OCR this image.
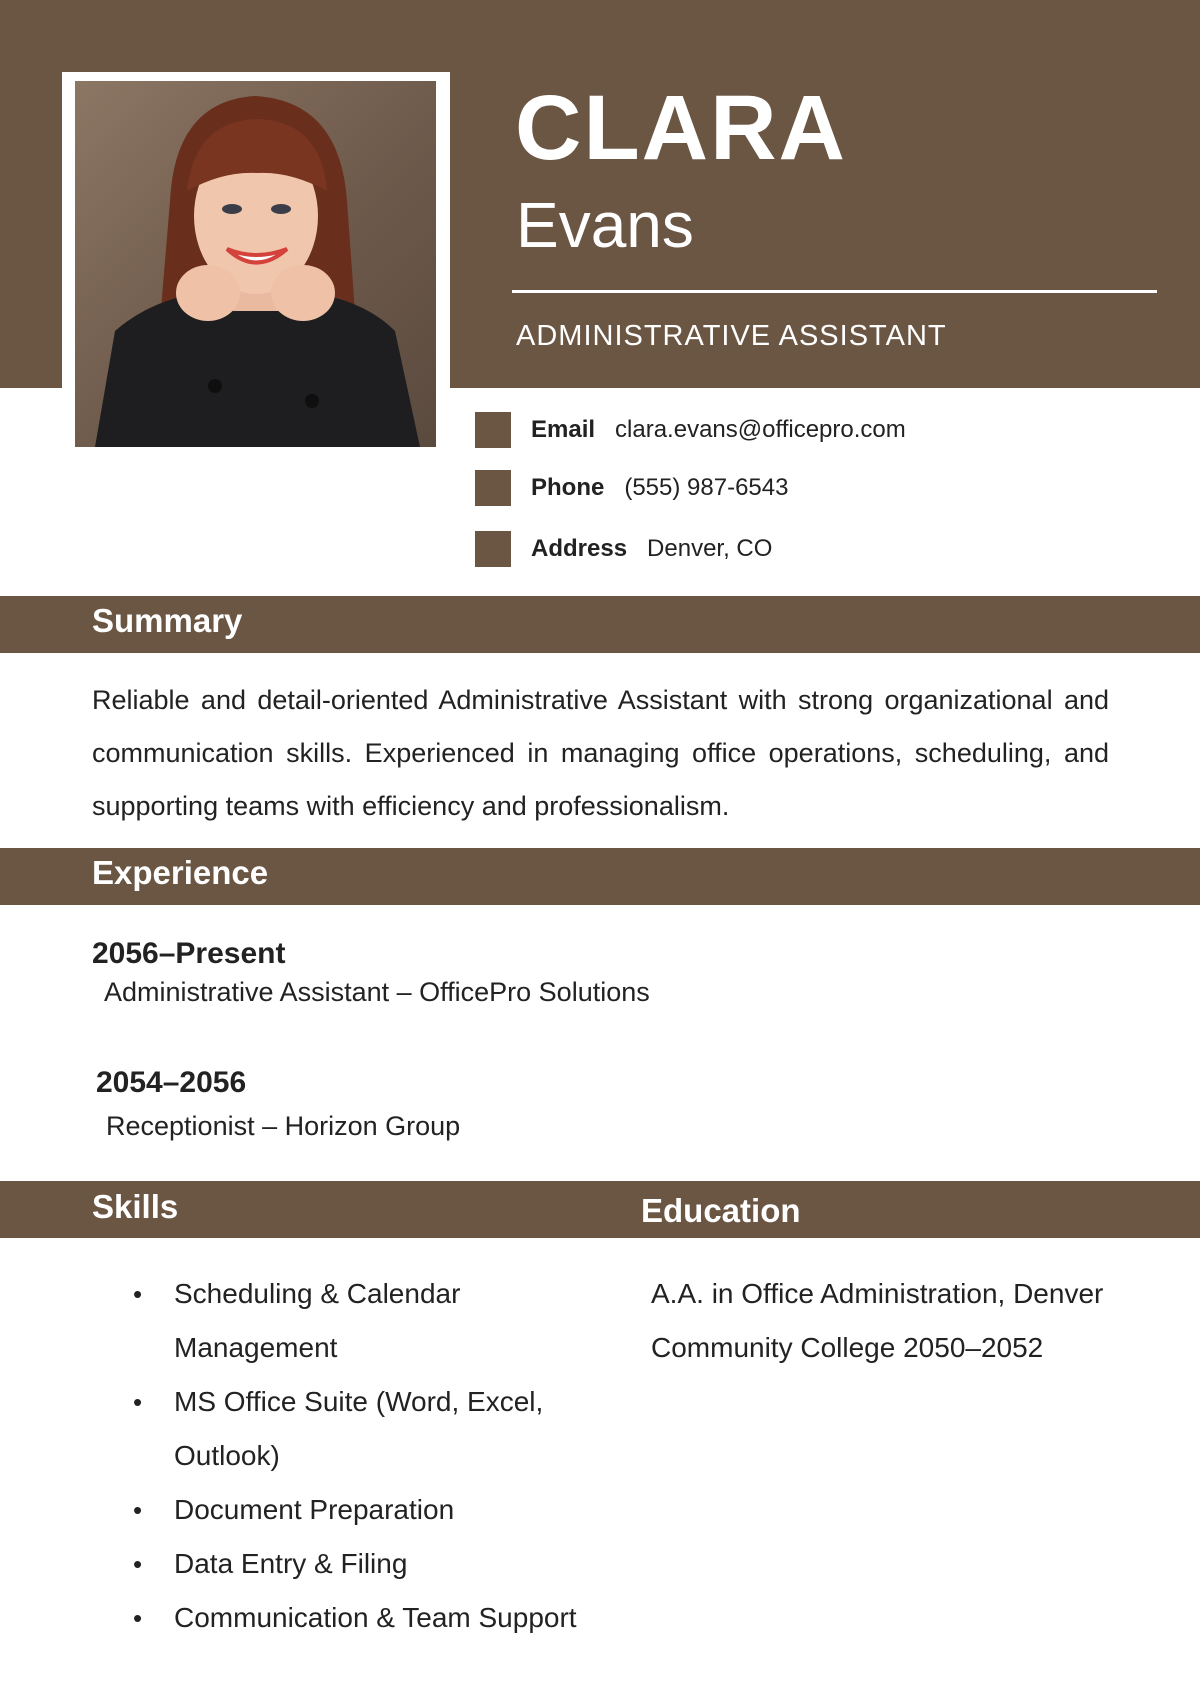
CLARA
Evans
ADMINISTRATIVE ASSISTANT
Email clara.evans@officepro.com
Phone (555) 987-6543
Address Denver, CO
Summary
Reliable and detail-oriented Administrative Assistant with strong organizational and communication skills. Experienced in managing office operations, scheduling, and supporting teams with efficiency and professionalism.
Experience
2056–Present
Administrative Assistant – OfficePro Solutions
2054–2056
Receptionist – Horizon Group
Skills	Education
• Scheduling & Calendar Management
• MS Office Suite (Word, Excel, Outlook)
• Document Preparation
• Data Entry & Filing
• Communication & Team Support
A.A. in Office Administration, Denver Community College 2050–2052
